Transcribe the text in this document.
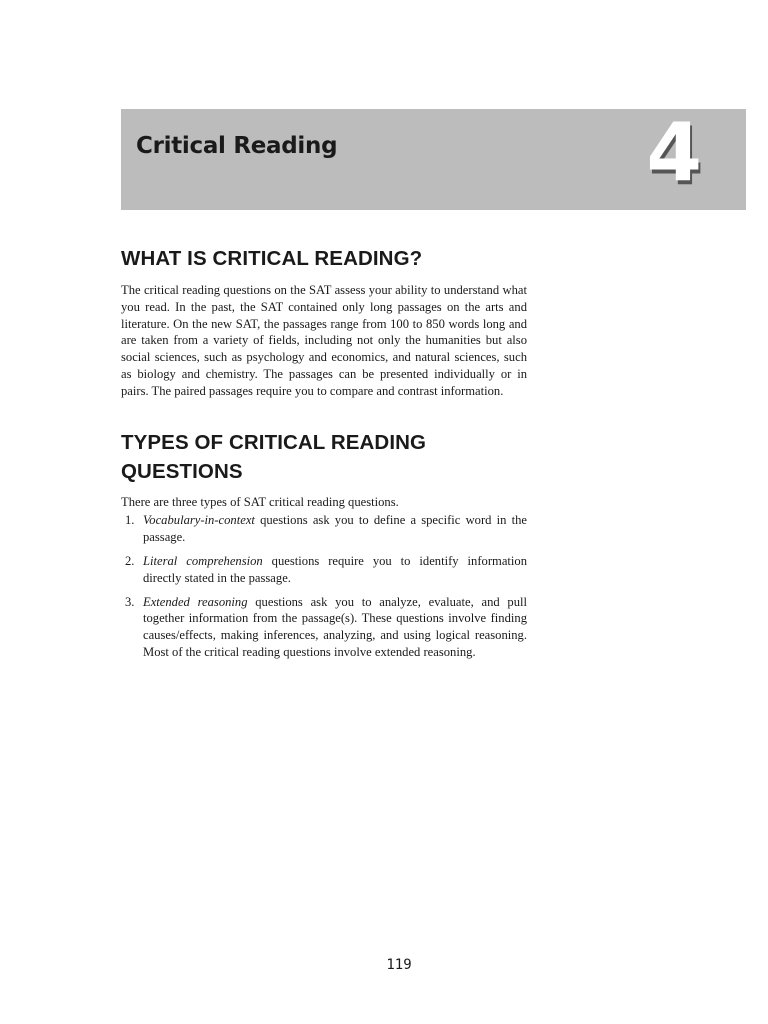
Critical Reading	4
WHAT IS CRITICAL READING?

The critical reading questions on the SAT assess your ability to understand what you read. In the past, the SAT contained only long passages on the arts and literature. On the new SAT, the passages range from 100 to 850 words long and are taken from a variety of fields, including not only the humanities but also social sciences, such as psychology and economics, and natural sciences, such as biology and chemistry. The passages can be presented individually or in pairs. The paired passages require you to compare and contrast information.

TYPES OF CRITICAL READING QUESTIONS

There are three types of SAT critical reading questions.

1. Vocabulary-in-context questions ask you to define a specific word in the passage.
2. Literal comprehension questions require you to identify information directly stated in the passage.
3. Extended reasoning questions ask you to analyze, evaluate, and pull together information from the passage(s). These questions involve finding causes/effects, making inferences, analyzing, and using logical reasoning. Most of the critical reading questions involve extended reasoning.
119
